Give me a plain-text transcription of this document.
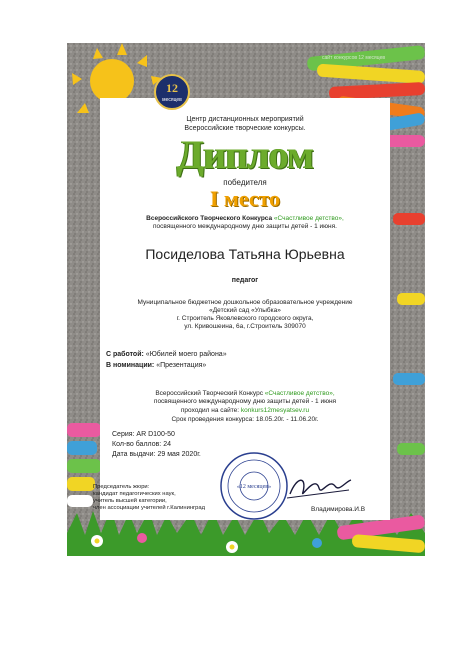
сайт конкурсов 12 месяцев
12
месяцев
Центр дистанционных мероприятий
Всероссийские творческие конкурсы.
Диплом
победителя
I место
Всероссийского Творческого Конкурса «Счастливое детство»,
посвященного международному дню защиты детей - 1 июня.
Посиделова Татьяна Юрьевна
педагог
Муниципальное бюджетное дошкольное образовательное учреждение
«Детский сад «Улыбка»
г. Строитель Яковлевского городского округа,
ул. Кривошеина, 6а, г.Строитель 309070
С работой: «Юбилей моего района»
В номинации: «Презентация»
Всероссийский Творческий Конкурс «Счастливое детство»,
посвященного международному дню защиты детей - 1 июня
проходил на сайте: konkurs12mesyatsev.ru
Срок проведения конкурса: 18.05.20г. - 11.06.20г.
Серия: AR D100-50
Кол-во баллов: 24
Дата выдачи: 29 мая 2020г.
Председатель жюри:
кандидат педагогических наук,
учитель высшей категории,
член ассоциации учителей г.Калининград
«12 месяцев»
Владимирова.И.В
